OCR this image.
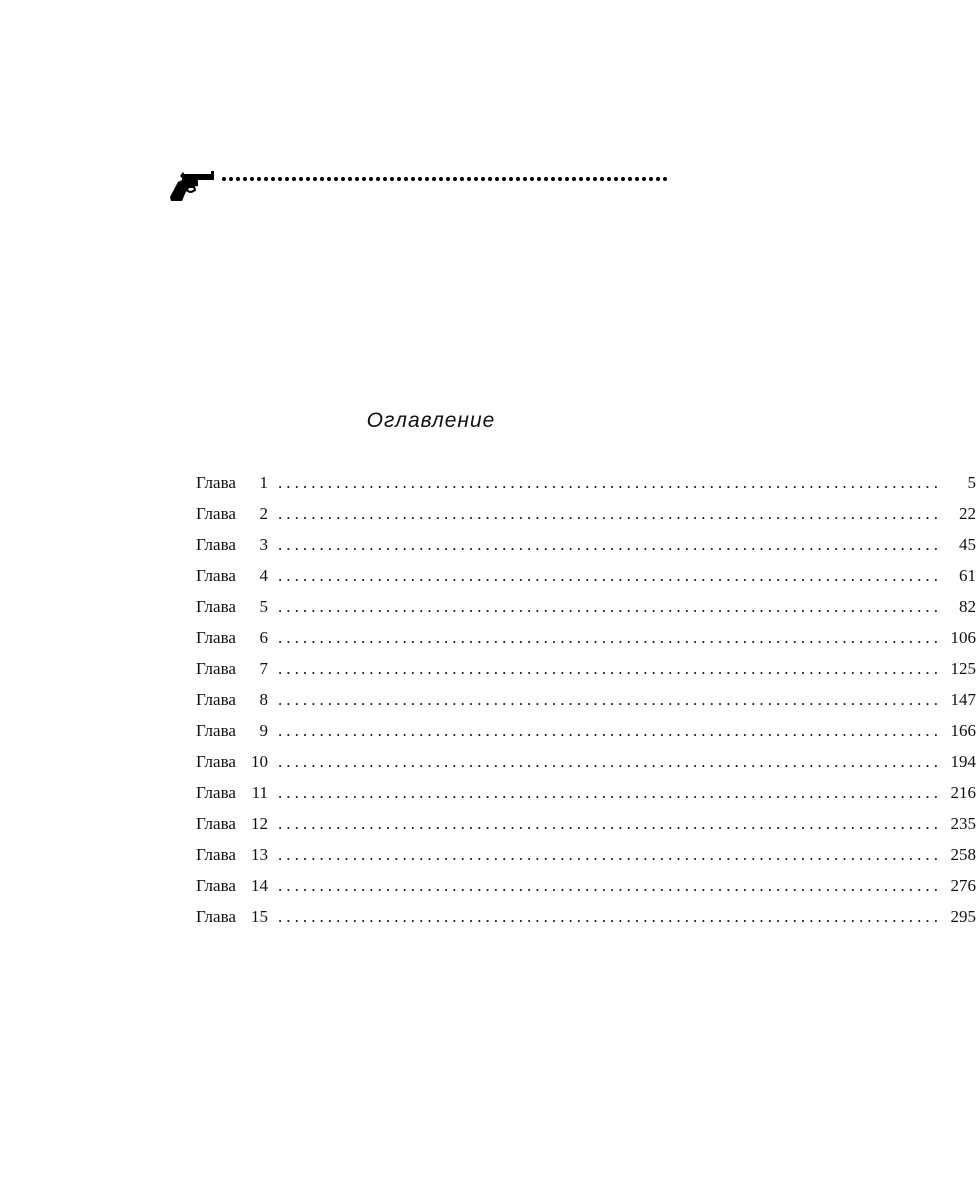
Оглавление
Глава	1 ................................................................................	5
Глава	2 ................................................................................	22
Глава	3 ................................................................................	45
Глава	4 ................................................................................	61
Глава	5 ................................................................................	82
Глава	6 ................................................................................ 106
Глава	7 ................................................................................ 125
Глава	8 ................................................................................ 147
Глава	9 ................................................................................ 166
Глава 10 ................................................................................ 194
Глава 11 ................................................................................ 216
Глава 12 ................................................................................ 235
Глава 13 ................................................................................ 258
Глава 14 ................................................................................ 276
Глава 15 ................................................................................ 295
